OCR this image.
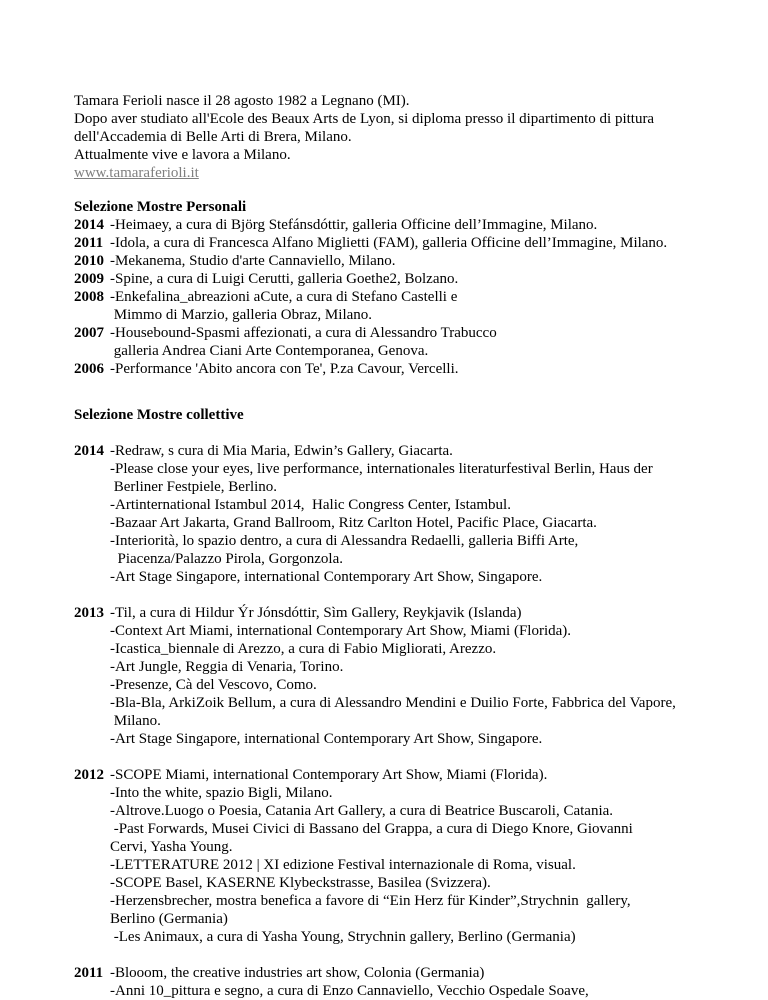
Tamara Ferioli nasce il 28 agosto 1982 a Legnano (MI).
Dopo aver studiato all'Ecole des Beaux Arts de Lyon, si diploma presso il dipartimento di pittura
dell'Accademia di Belle Arti di Brera, Milano.
Attualmente vive e lavora a Milano.
www.tamaraferioli.it
Selezione Mostre Personali
2014 -Heimaey, a cura di Björg Stefánsdóttir, galleria Officine dell’Immagine, Milano.
2011 -Idola, a cura di Francesca Alfano Miglietti (FAM), galleria Officine dell’Immagine, Milano.
2010 -Mekanema, Studio d'arte Cannaviello, Milano.
2009 -Spine, a cura di Luigi Cerutti, galleria Goethe2, Bolzano.
2008 -Enkefalina_abreazioni aCute, a cura di Stefano Castelli e
Mimmo di Marzio, galleria Obraz, Milano.
2007 -Housebound-Spasmi affezionati, a cura di Alessandro Trabucco
galleria Andrea Ciani Arte Contemporanea, Genova.
2006 -Performance 'Abito ancora con Te', P.za Cavour, Vercelli.
Selezione Mostre collettive
2014 -Redraw, s cura di Mia Maria, Edwin’s Gallery, Giacarta.
-Please close your eyes, live performance, internationales literaturfestival Berlin, Haus der
Berliner Festpiele, Berlino.
-Artinternational Istambul 2014,  Halic Congress Center, Istambul.
-Bazaar Art Jakarta, Grand Ballroom, Ritz Carlton Hotel, Pacific Place, Giacarta.
-Interiorità, lo spazio dentro, a cura di Alessandra Redaelli, galleria Biffi Arte,
Piacenza/Palazzo Pirola, Gorgonzola.
-Art Stage Singapore, international Contemporary Art Show, Singapore.
2013 -Til, a cura di Hildur Ýr Jónsdóttir, Sìm Gallery, Reykjavik (Islanda)
-Context Art Miami, international Contemporary Art Show, Miami (Florida).
-Icastica_biennale di Arezzo, a cura di Fabio Migliorati, Arezzo.
-Art Jungle, Reggia di Venaria, Torino.
-Presenze, Cà del Vescovo, Como.
-Bla-Bla, ArkiZoik Bellum, a cura di Alessandro Mendini e Duilio Forte, Fabbrica del Vapore,
Milano.
-Art Stage Singapore, international Contemporary Art Show, Singapore.
2012 -SCOPE Miami, international Contemporary Art Show, Miami (Florida).
-Into the white, spazio Bigli, Milano.
-Altrove.Luogo o Poesia, Catania Art Gallery, a cura di Beatrice Buscaroli, Catania.
-Past Forwards, Musei Civici di Bassano del Grappa, a cura di Diego Knore, Giovanni
Cervi, Yasha Young.
-LETTERATURE 2012 | XI edizione Festival internazionale di Roma, visual.
-SCOPE Basel, KASERNE Klybeckstrasse, Basilea (Svizzera).
-Herzensbrecher, mostra benefica a favore di “Ein Herz für Kinder”,Strychnin  gallery,
Berlino (Germania)
-Les Animaux, a cura di Yasha Young, Strychnin gallery, Berlino (Germania)
2011 -Blooom, the creative industries art show, Colonia (Germania)
-Anni 10_pittura e segno, a cura di Enzo Cannaviello, Vecchio Ospedale Soave,
